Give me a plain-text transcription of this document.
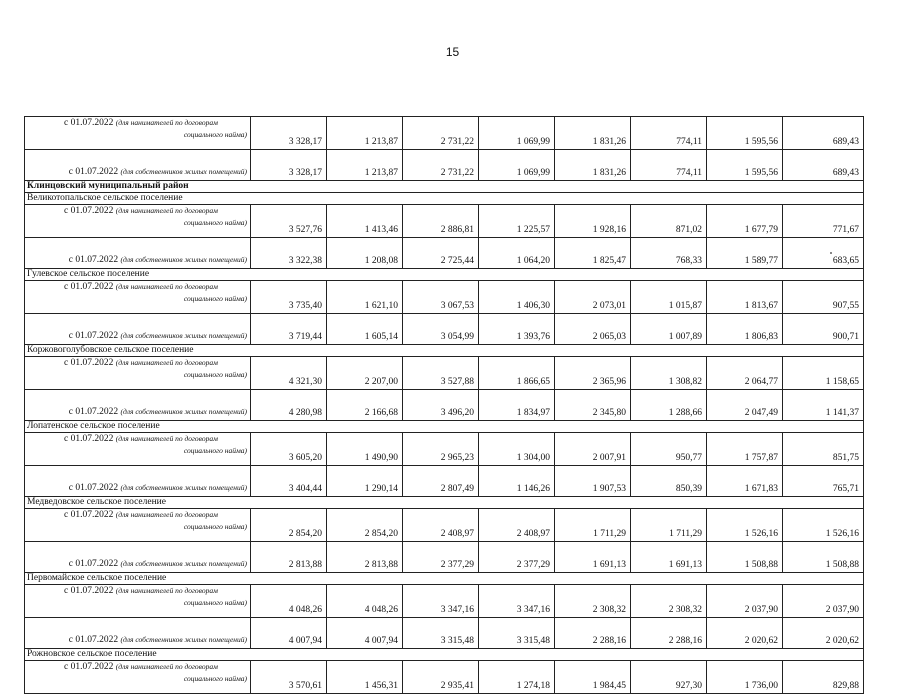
15
с 01.07.2022 (для нанимателей по договорам
социального найма)	3 328,17	1 213,87	2 731,22	1 069,99	1 831,26	774,11	1 595,56	689,43

с 01.07.2022 (для собственников жилых помещений)	3 328,17	1 213,87	2 731,22	1 069,99	1 831,26	774,11	1 595,56	689,43
Клинцовский муниципальный район								
Великотопальское сельское поселение								

с 01.07.2022 (для нанимателей по договорам
социального найма)	3 527,76	1 413,46	2 886,81	1 225,57	1 928,16	871,02	1 677,79	771,67

с 01.07.2022 (для собственников жилых помещений)	3 322,38	1 208,08	2 725,44	1 064,20	1 825,47	768,33	1 589,77	683,65
Гулевское сельское поселение								

с 01.07.2022 (для нанимателей по договорам
социального найма)	3 735,40	1 621,10	3 067,53	1 406,30	2 073,01	1 015,87	1 813,67	907,55

с 01.07.2022 (для собственников жилых помещений)	3 719,44	1 605,14	3 054,99	1 393,76	2 065,03	1 007,89	1 806,83	900,71
Коржовоголубовское сельское поселение								

с 01.07.2022 (для нанимателей по договорам
социального найма)	4 321,30	2 207,00	3 527,88	1 866,65	2 365,96	1 308,82	2 064,77	1 158,65

с 01.07.2022 (для собственников жилых помещений)	4 280,98	2 166,68	3 496,20	1 834,97	2 345,80	1 288,66	2 047,49	1 141,37
Лопатенское сельское поселение								

с 01.07.2022 (для нанимателей по договорам
социального найма)	3 605,20	1 490,90	2 965,23	1 304,00	2 007,91	950,77	1 757,87	851,75

с 01.07.2022 (для собственников жилых помещений)	3 404,44	1 290,14	2 807,49	1 146,26	1 907,53	850,39	1 671,83	765,71
Медведовское сельское поселение								

с 01.07.2022 (для нанимателей по договорам
социального найма)	2 854,20	2 854,20	2 408,97	2 408,97	1 711,29	1 711,29	1 526,16	1 526,16

с 01.07.2022 (для собственников жилых помещений)	2 813,88	2 813,88	2 377,29	2 377,29	1 691,13	1 691,13	1 508,88	1 508,88
Первомайское сельское поселение								

с 01.07.2022 (для нанимателей по договорам
социального найма)	4 048,26	4 048,26	3 347,16	3 347,16	2 308,32	2 308,32	2 037,90	2 037,90

с 01.07.2022 (для собственников жилых помещений)	4 007,94	4 007,94	3 315,48	3 315,48	2 288,16	2 288,16	2 020,62	2 020,62
Рожновское сельское поселение								

с 01.07.2022 (для нанимателей по договорам
социального найма)	3 570,61	1 456,31	2 935,41	1 274,18	1 984,45	927,30	1 736,00	829,88
